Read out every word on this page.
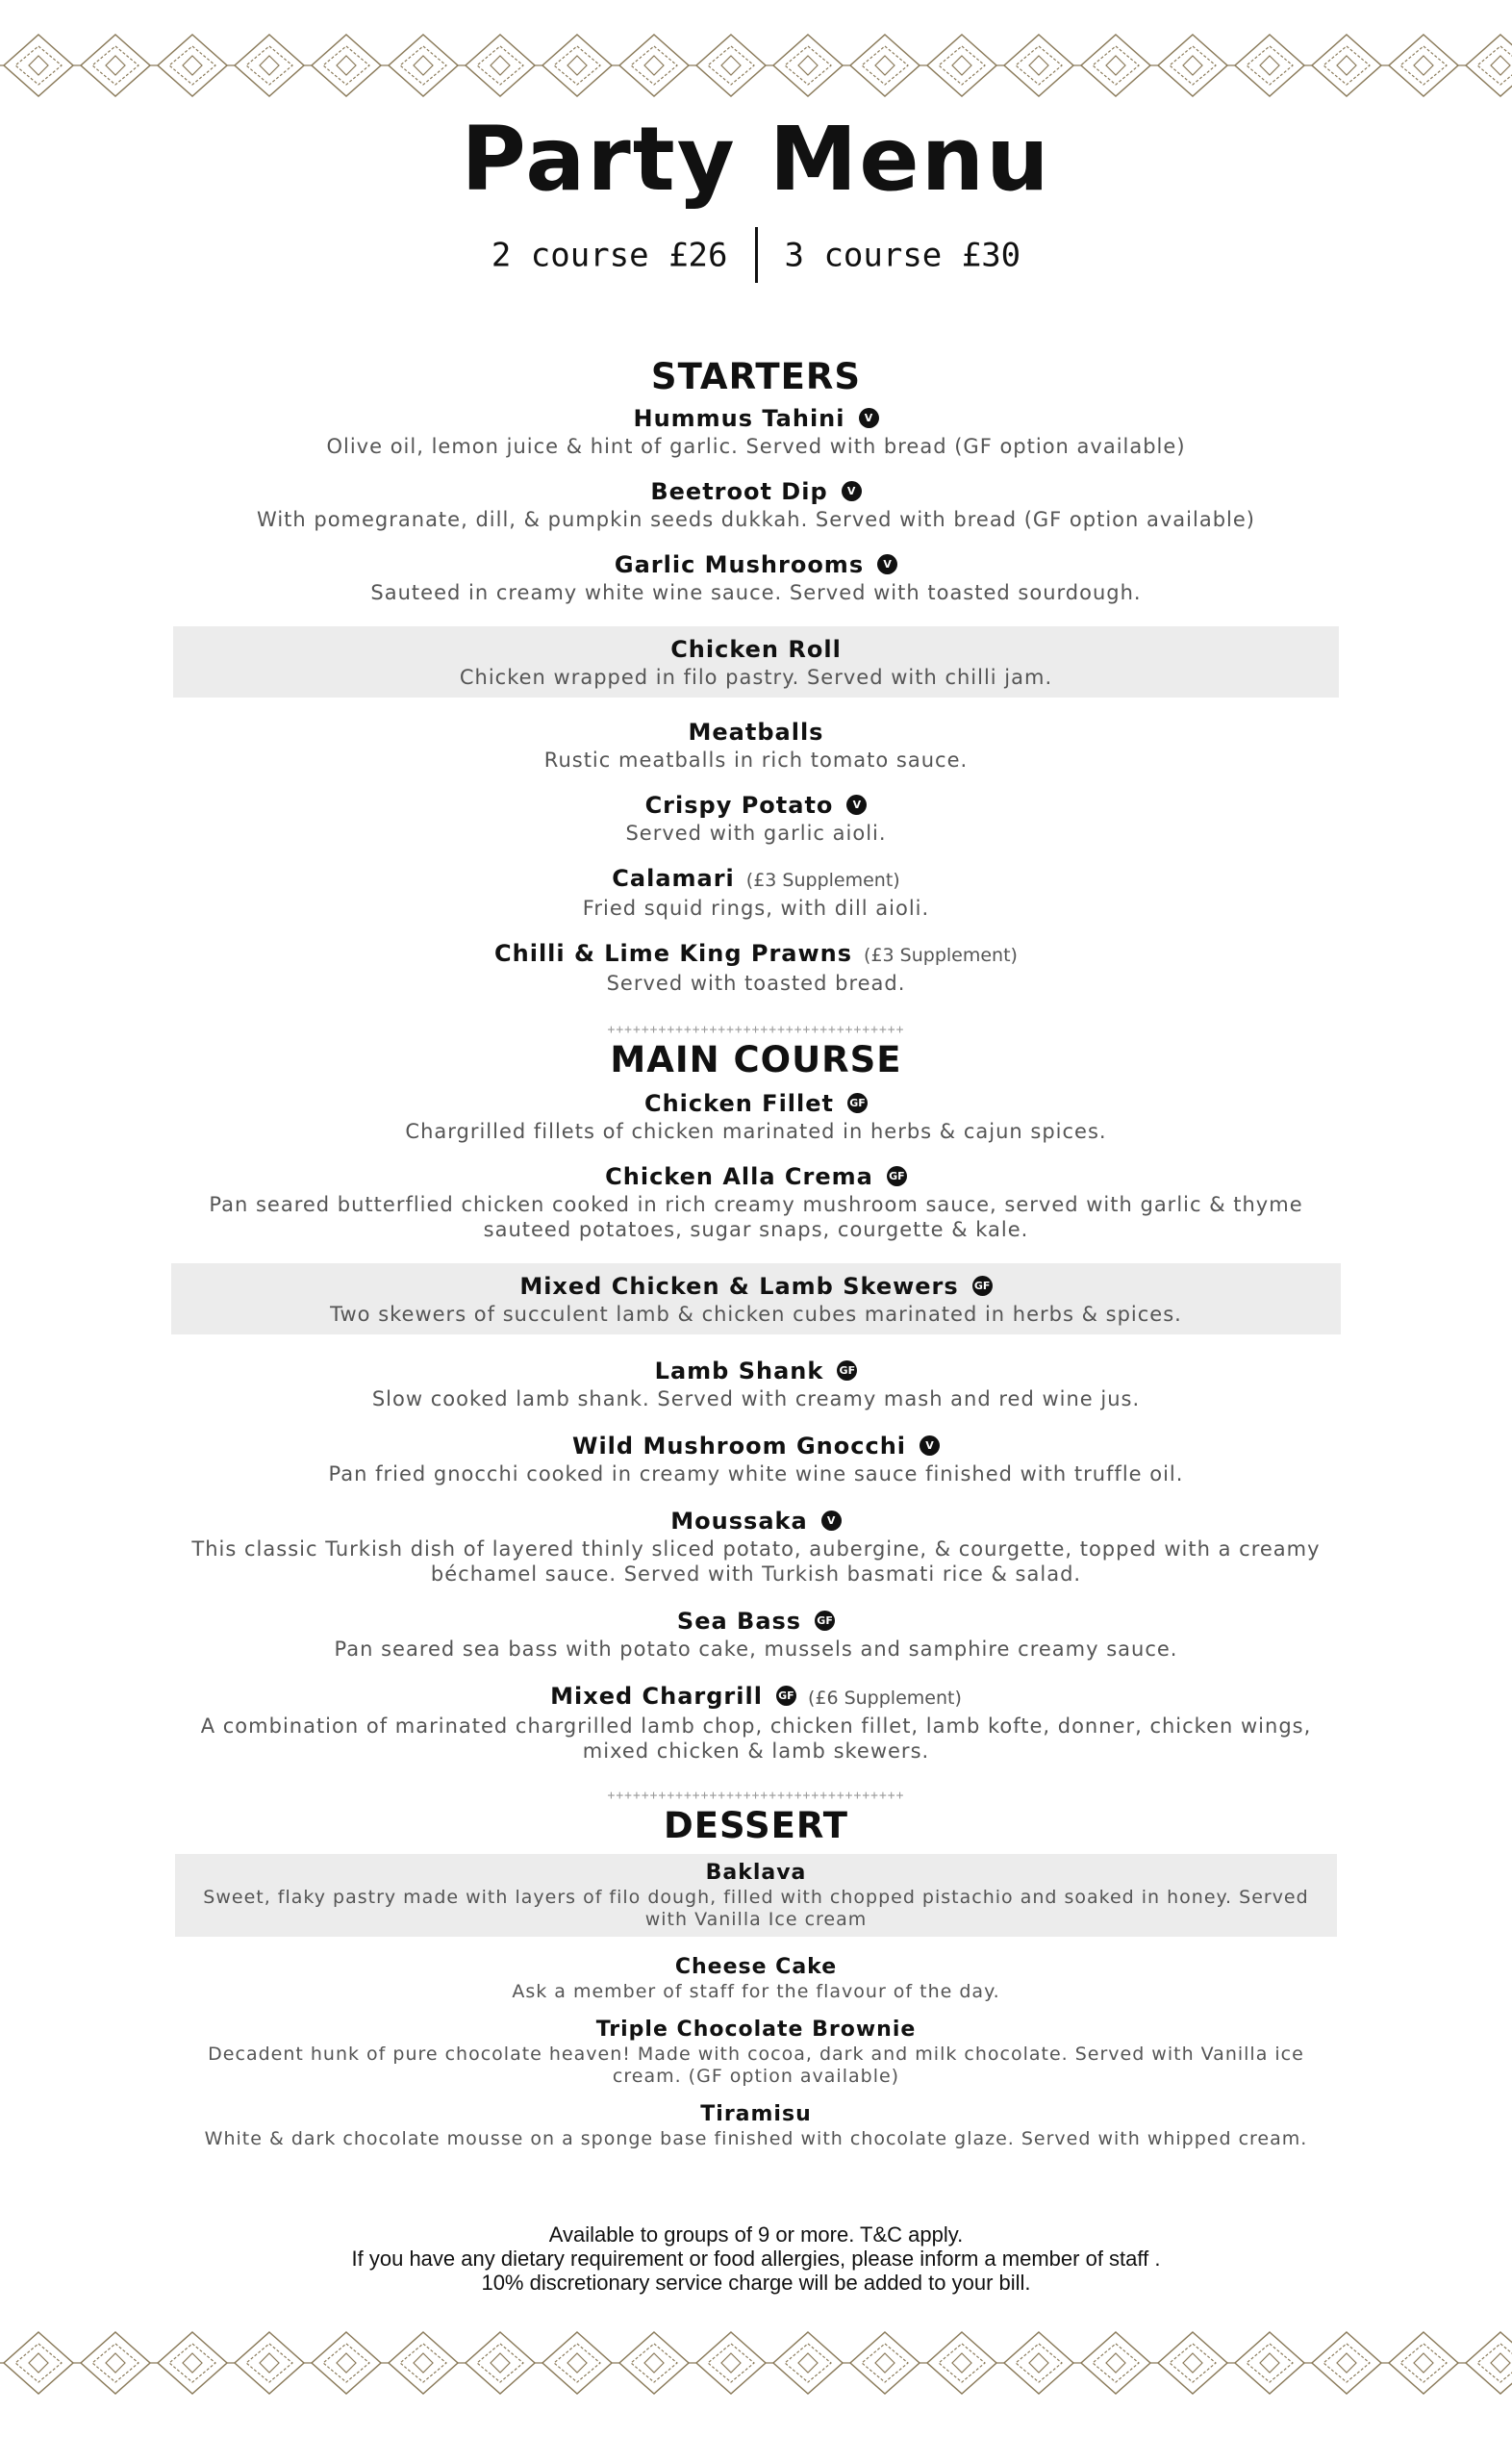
Party Menu
2 course £26 3 course £30
STARTERS
Hummus Tahini V
Olive oil, lemon juice & hint of garlic. Served with bread (GF option available)
Beetroot Dip V
With pomegranate, dill, & pumpkin seeds dukkah. Served with bread (GF option available)
Garlic Mushrooms V
Sauteed in creamy white wine sauce. Served with toasted sourdough.
Chicken Roll
Chicken wrapped in filo pastry. Served with chilli jam.
Meatballs
Rustic meatballs in rich tomato sauce.
Crispy Potato V
Served with garlic aioli.
Calamari (£3 Supplement)
Fried squid rings, with dill aioli.
Chilli & Lime King Prawns (£3 Supplement)
Served with toasted bread.
+++++++++++++++++++++++++++++++++++
MAIN COURSE
Chicken Fillet GF
Chargrilled fillets of chicken marinated in herbs & cajun spices.
Chicken Alla Crema GF
Pan seared butterflied chicken cooked in rich creamy mushroom sauce, served with garlic & thyme sauteed potatoes, sugar snaps, courgette & kale.
Mixed Chicken & Lamb Skewers GF
Two skewers of succulent lamb & chicken cubes marinated in herbs & spices.
Lamb Shank GF
Slow cooked lamb shank. Served with creamy mash and red wine jus.
Wild Mushroom Gnocchi V
Pan fried gnocchi cooked in creamy white wine sauce finished with truffle oil.
Moussaka V
This classic Turkish dish of layered thinly sliced potato, aubergine, & courgette, topped with a creamy béchamel sauce. Served with Turkish basmati rice & salad.
Sea Bass GF
Pan seared sea bass with potato cake, mussels and samphire creamy sauce.
Mixed Chargrill GF (£6 Supplement)
A combination of marinated chargrilled lamb chop, chicken fillet, lamb kofte, donner, chicken wings, mixed chicken & lamb skewers.
+++++++++++++++++++++++++++++++++++
DESSERT
Baklava
Sweet, flaky pastry made with layers of filo dough, filled with chopped pistachio and soaked in honey. Served with Vanilla Ice cream
Cheese Cake
Ask a member of staff for the flavour of the day.
Triple Chocolate Brownie
Decadent hunk of pure chocolate heaven! Made with cocoa, dark and milk chocolate. Served with Vanilla ice cream. (GF option available)
Tiramisu
White & dark chocolate mousse on a sponge base finished with chocolate glaze. Served with whipped cream.
Available to groups of 9 or more. T&C apply.
If you have any dietary requirement or food allergies, please inform a member of staff .
10% discretionary service charge will be added to your bill.
